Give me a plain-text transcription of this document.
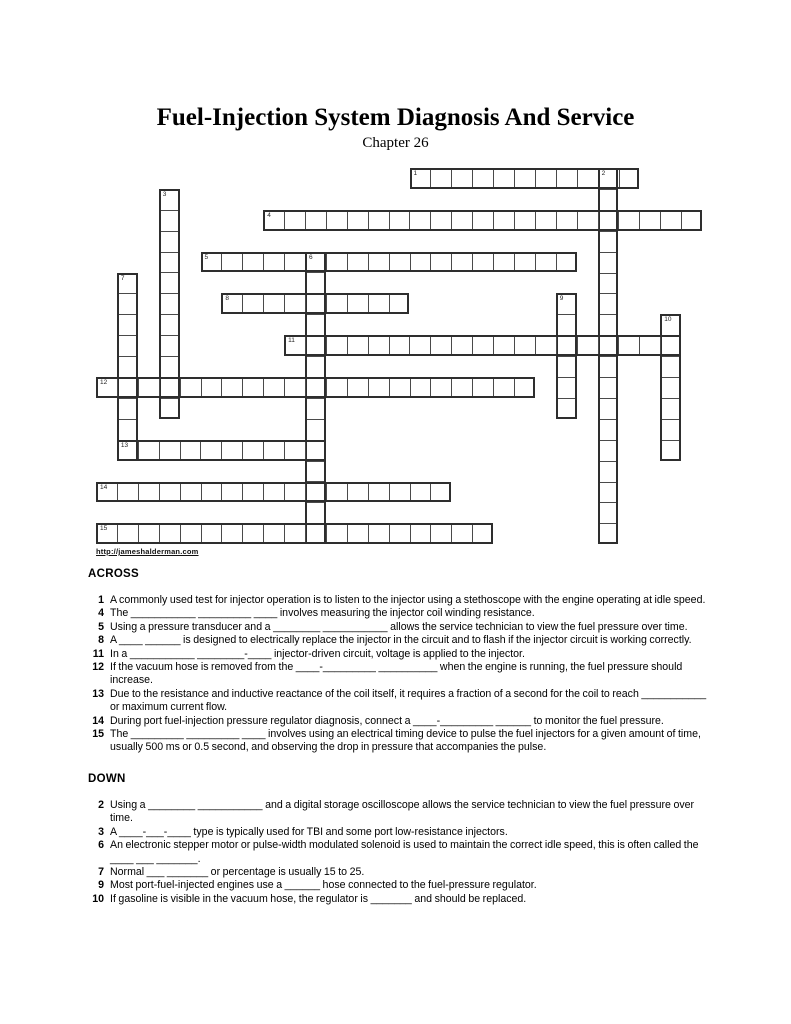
Fuel-Injection System Diagnosis And Service
Chapter 26
1	2
3
4
5	6
7
8	9
10
11
12
13
14
15
http://jameshalderman.com
ACROSS
1 A commonly used test for injector operation is to listen to the injector using a stethoscope with the engine operating at idle speed.
4 The ___________ _________ ____ involves measuring the injector coil winding resistance.
5 Using a pressure transducer and a ________ ___________ allows the service technician to view the fuel pressure over time.
8 A ____ ______ is designed to electrically replace the injector in the circuit and to flash if the injector circuit is working correctly.
11 In a ___________ ________-____ injector-driven circuit, voltage is applied to the injector.
12 If the vacuum hose is removed from the ____-_________ __________ when the engine is running, the fuel pressure should increase.
13 Due to the resistance and inductive reactance of the coil itself, it requires a fraction of a second for the coil to reach ___________ or maximum current flow.
14 During port fuel-injection pressure regulator diagnosis, connect a ____-_________ ______ to monitor the fuel pressure.
15 The _________ _________ ____ involves using an electrical timing device to pulse the fuel injectors for a given amount of time, usually 500 ms or 0.5 second, and observing the drop in pressure that accompanies the pulse.
DOWN
2 Using a ________ ___________ and a digital storage oscilloscope allows the service technician to view the fuel pressure over time.
3 A ____-___-____ type is typically used for TBI and some port low-resistance injectors.
6 An electronic stepper motor or pulse-width modulated solenoid is used to maintain the correct idle speed, this is often called the ____ ___ _______.
7 Normal ___ _______ or percentage is usually 15 to 25.
9 Most port-fuel-injected engines use a ______ hose connected to the fuel-pressure regulator.
10 If gasoline is visible in the vacuum hose, the regulator is _______ and should be replaced.
